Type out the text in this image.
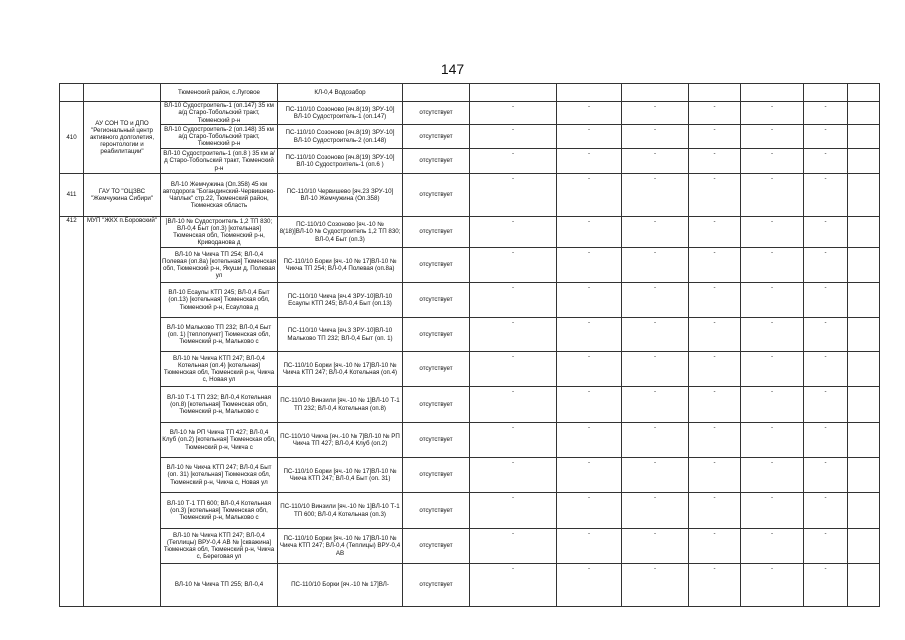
147
		Тюменский район, с.Луговое	КЛ-0,4 Водозабор								
410	АУ СОН ТО и ДПО "Региональный центр активного долголетия, геронтологии и реабилитации"	ВЛ-10 Судостроитель-1 (оп.147) 35 км а/д Старо-Тобольский тракт, Тюменский р-н	ПС-110/10 Созоново [яч.8(19) ЗРУ-10] ВЛ-10 Судостроитель-1 (оп.147)	отсутствует	-	-	-	-	-	-	
		ВЛ-10 Судостроитель-2 (оп.148) 35 км а/д Старо-Тобольский тракт, Тюменский р-н	ПС-110/10 Созоново [яч.8(19) ЗРУ-10] ВЛ-10 Судостроитель-2 (оп.148)	отсутствует	-	-	-	-	-	-	
		ВЛ-10 Судостроитель-1 (оп.8 ) 35 км а/д Старо-Тобольский тракт, Тюменский р-н	ПС-110/10 Созоново [яч.8(19) ЗРУ-10] ВЛ-10 Судостроитель-1 (оп.6 )	отсутствует	-	-	-	-	-	-	
411	ГАУ ТО "ОЦЗВС "Жемчужина Сибири"	ВЛ-10 Жемчужина (Оп.358) 45 км автодорога "Богандинский-Червишево-Чаплык" стр.22, Тюменский район, Тюменская область	ПС-110/10 Червишево [яч.23 ЗРУ-10] ВЛ-10 Жемчужина (Оп.358)	отсутствует	-	-	-	-	-	-	
412	МУП "ЖКХ п.Боровский"	]ВЛ-10 № Судостроитель 1,2 ТП 830; ВЛ-0,4 Быт (оп.3) [котельная] Тюменская обл, Тюменский р-н, Криводанова д	ПС-110/10 Созоново [яч.-10 № 8(18)]ВЛ-10 № Судостроитель 1,2 ТП 830; ВЛ-0,4 Быт (оп.3)	отсутствует	-	-	-	-	-	-	
		ВЛ-10 № Чикча ТП 254; ВЛ-0,4 Полевая (оп.8а) [котельная] Тюменская обл, Тюменский р-н, Якуши д, Полевая ул	ПС-110/10 Борки [яч.-10 № 17]ВЛ-10 № Чикча ТП 254; ВЛ-0,4 Полевая (оп.8а)	отсутствует	-	-	-	-	-	-	
		ВЛ-10 Есаулы КТП 245; ВЛ-0,4 Быт (оп.13) [котельная] Тюменская обл, Тюменский р-н, Есаулова д	ПС-110/10 Чикча [яч.4 ЗРУ-10]ВЛ-10 Есаулы КТП 245; ВЛ-0,4 Быт (оп.13)	отсутствует	-	-	-	-	-	-	
		ВЛ-10 Мальково ТП 232; ВЛ-0,4 Быт (оп. 1) [теплопункт] Тюменская обл, Тюменский р-н, Мальково с	ПС-110/10 Чикча [яч.3 ЗРУ-10]ВЛ-10 Мальково ТП 232; ВЛ-0,4 Быт (оп. 1)	отсутствует	-	-	-	-	-	-	
		ВЛ-10 № Чикча КТП 247; ВЛ-0,4 Котельная (оп.4) [котельная] Тюменская обл, Тюменский р-н, Чикча с, Новая ул	ПС-110/10 Борки [яч.-10 № 17]ВЛ-10 № Чикча КТП 247; ВЛ-0,4 Котельная (оп.4)	отсутствует	-	-	-	-	-	-	
		ВЛ-10 Т-1 ТП 232; ВЛ-0,4 Котельная (оп.8) [котельная] Тюменская обл, Тюменский р-н, Мальково с	ПС-110/10 Винзили [яч.-10 № 1]ВЛ-10 Т-1 ТП 232; ВЛ-0,4 Котельная (оп.8)	отсутствует	-	-	-	-	-	-	
		ВЛ-10 № РП Чикча ТП 427; ВЛ-0,4 Клуб (оп.2) [котельная] Тюменская обл, Тюменский р-н, Чикча с	ПС-110/10 Чикча [яч.-10 № 7]ВЛ-10 № РП Чикча ТП 427; ВЛ-0,4 Клуб (оп.2)	отсутствует	-	-	-	-	-	-	
		ВЛ-10 № Чикча КТП 247; ВЛ-0,4 Быт (оп. 31) [котельная] Тюменская обл, Тюменский р-н, Чикча с, Новая ул	ПС-110/10 Борки [яч.-10 № 17]ВЛ-10 № Чикча КТП 247; ВЛ-0,4 Быт (оп. 31)	отсутствует	-	-	-	-	-	-	
		ВЛ-10 Т-1 ТП 600; ВЛ-0,4 Котельная (оп.3) [котельная] Тюменская обл, Тюменский р-н, Мальково с	ПС-110/10 Винзили [яч.-10 № 1]ВЛ-10 Т-1 ТП 600; ВЛ-0,4 Котельная (оп.3)	отсутствует	-	-	-	-	-	-	
		ВЛ-10 № Чикча КТП 247; ВЛ-0,4 (Теплицы) ВРУ-0,4 АВ № ]скважина] Тюменская обл, Тюменский р-н, Чикча с, Береговая ул	ПС-110/10 Борки [яч.-10 № 17]ВЛ-10 № Чикча КТП 247; ВЛ-0,4 (Теплицы) ВРУ-0,4 АВ	отсутствует	-	-	-	-	-	-	
		ВЛ-10 № Чикча ТП 255; ВЛ-0,4	ПС-110/10 Борки [яч.-10 № 17]ВЛ-	отсутствует	-	-	-	-	-	-	
